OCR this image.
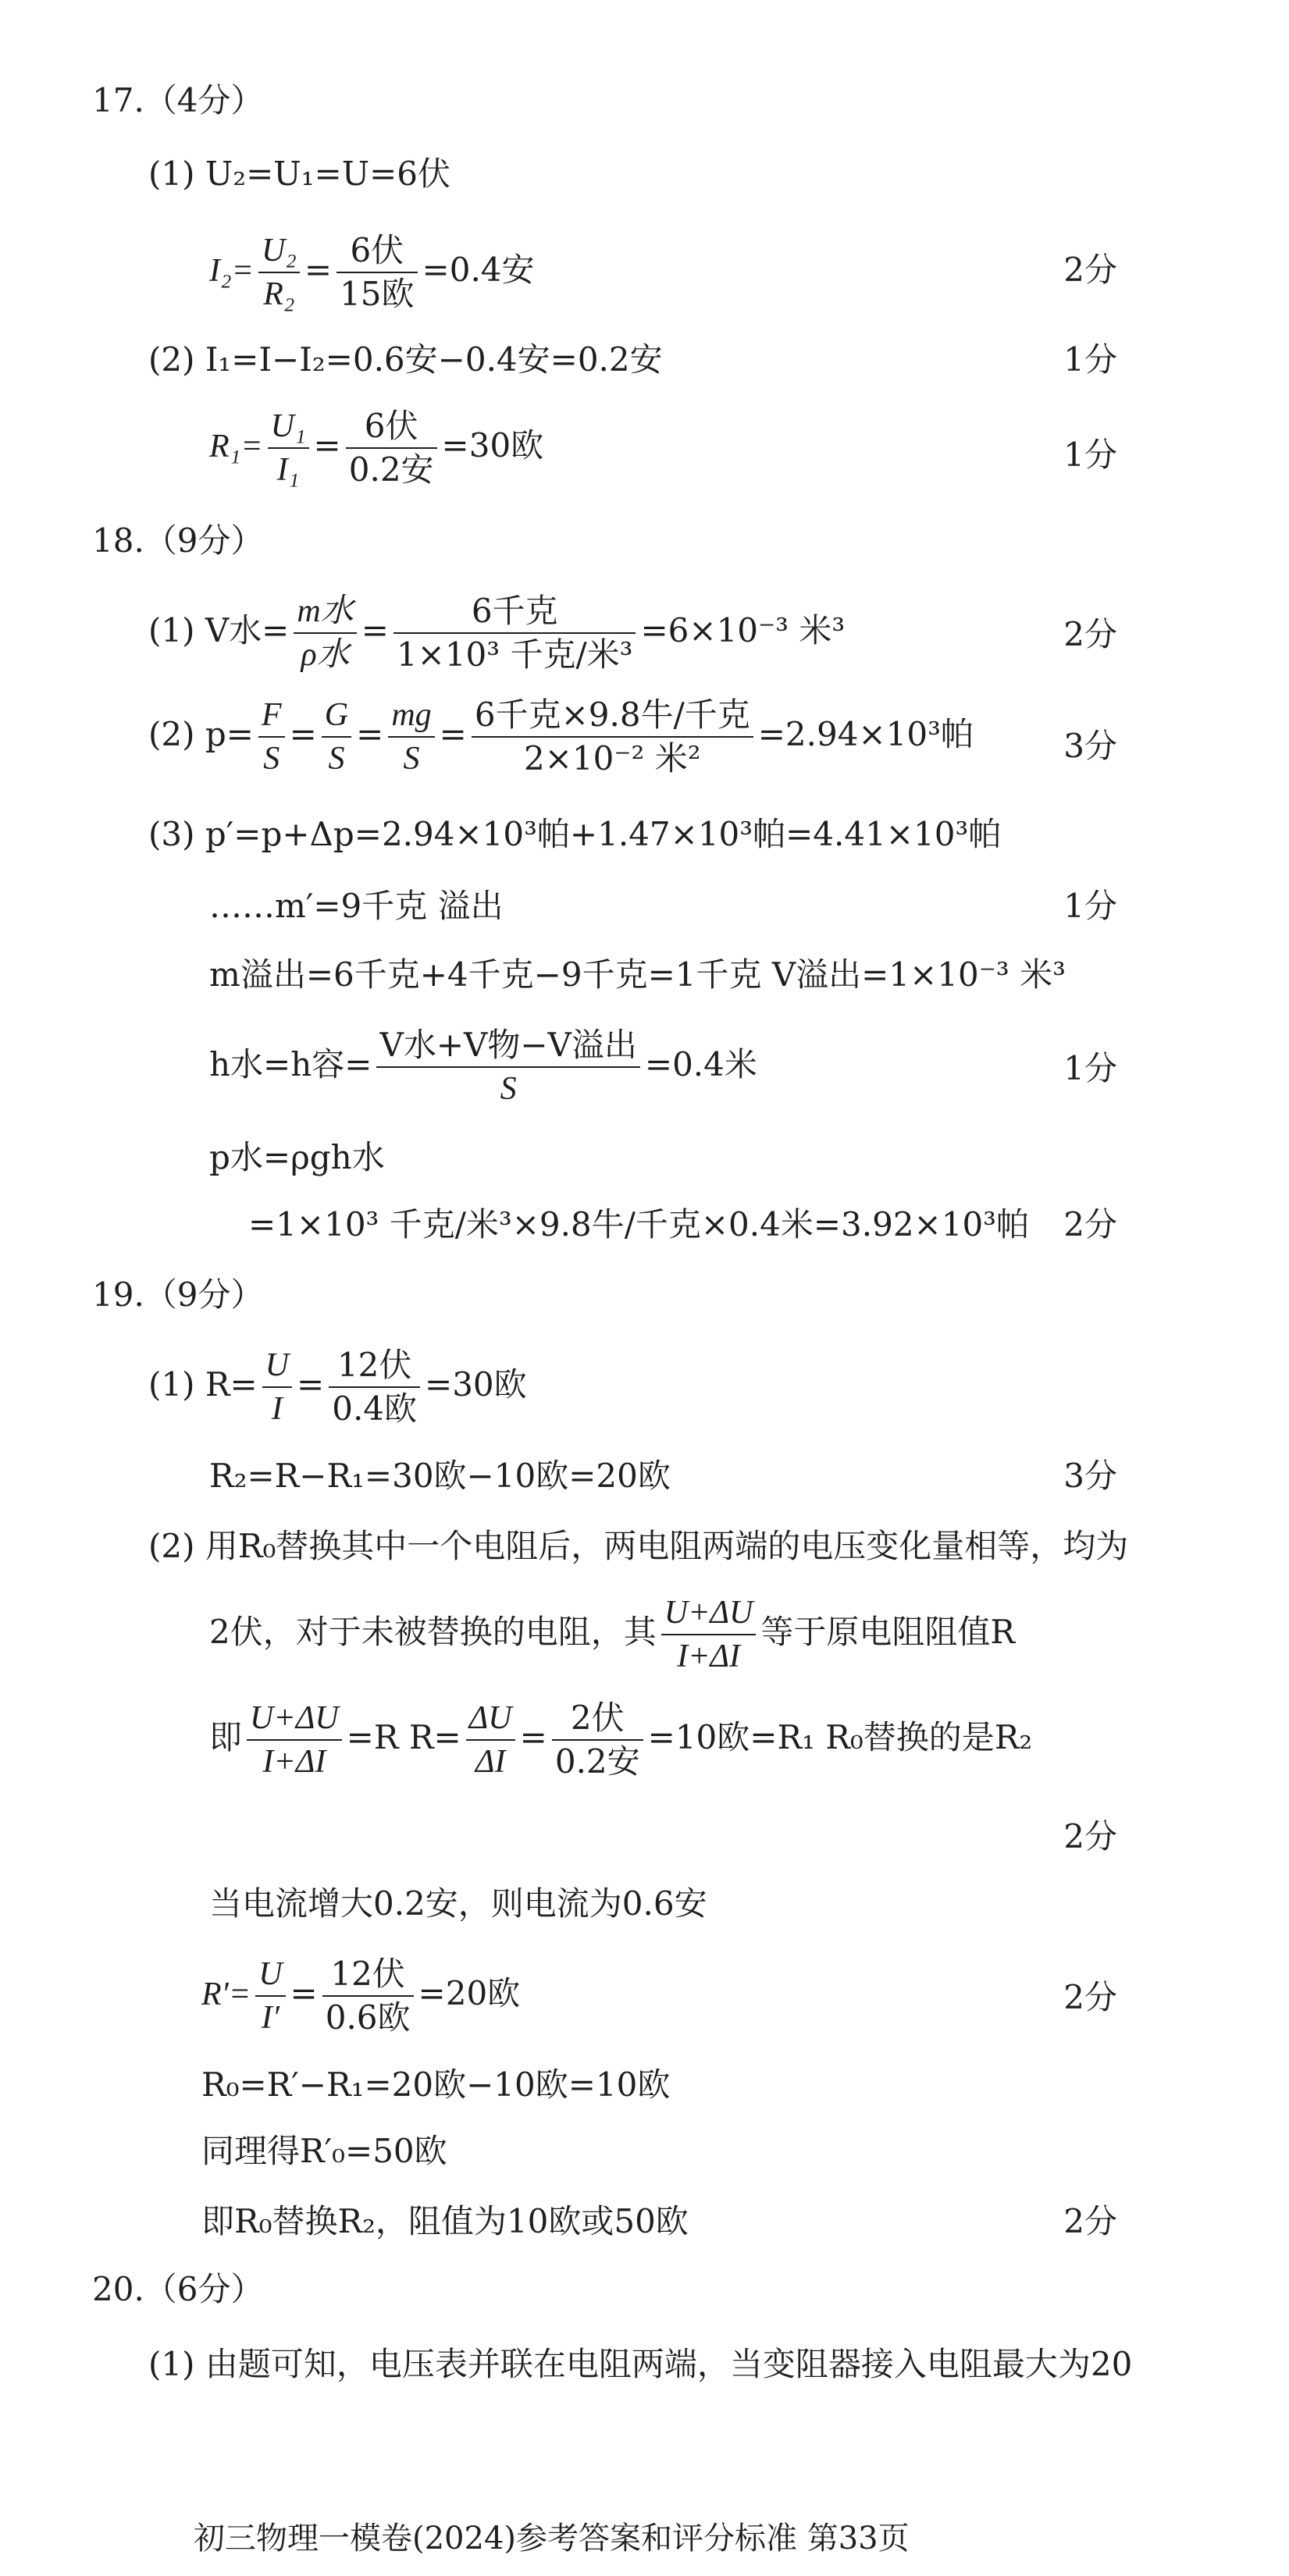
17.（4分）
(1) U₂=U₁=U=6伏
$I_2= \frac{\text{U₂}}{\text{R₂}} = \frac{\text{6伏}}{\text{15欧}} =0.4$安	2分
(2) I₁=I−I₂=0.6安−0.4安=0.2安	1分
$R_1= \frac{\text{U₁}}{\text{I₁}} = \frac{\text{6伏}}{\text{0.2安}} =30$欧	1分
18.（9分）
(1) V水= $\frac{\text{m水}}{\text{ρ水}} = \frac{\text{6千克}}{\text{1×10³ 千克/米³}} =6\times 10^{-3}$ 米³	2分
(2) $p= \frac{F}{S} = \frac{G}{S} = \frac{mg}{S} = \frac{\text{6千克×9.8牛/千克}}{\text{2×10⁻² 米²}} =2.94\times 10^3$帕	3分
(3) p′=p+Δp=2.94×10³帕+1.47×10³帕=4.41×10³帕
……m′=9千克 溢出	1分
m溢出=6千克+4千克−9千克=1千克 V溢出=1×10⁻³ 米³
h水=h容= $\frac{\text{V水+V物−V溢出}}{S} =0.4$米	1分
p水=ρgh水
=1×10³ 千克/米³×9.8牛/千克×0.4米=3.92×10³帕 2分
19.（9分）
(1) $R= \frac{U}{I} = \frac{\text{12伏}}{\text{0.4欧}} =30$欧
R₂=R−R₁=30欧−10欧=20欧	3分
(2) 用R₀替换其中一个电阻后，两电阻两端的电压变化量相等，均为
2伏，对于未被替换的电阻，其 $\frac{U+\Delta U}{I+\Delta I}$ 等于原电阻阻值R
即 $\frac{U+\Delta U}{I+\Delta I} =R$ $R= \frac{\Delta U}{\Delta I} = \frac{\text{2伏}}{\text{0.2安}} =10$欧=R₁ R₀替换的是R₂
2分
当电流增大0.2安，则电流为0.6安
$R'= \frac{U}{I'} = \frac{\text{12伏}}{\text{0.6欧}} =20$欧	2分
R₀=R′−R₁=20欧−10欧=10欧
同理得R′₀=50欧
即R₀替换R₂，阻值为10欧或50欧	2分
20.（6分）
(1) 由题可知，电压表并联在电阻两端，当变阻器接入电阻最大为20
初三物理一模卷(2024)参考答案和评分标准 第33页
